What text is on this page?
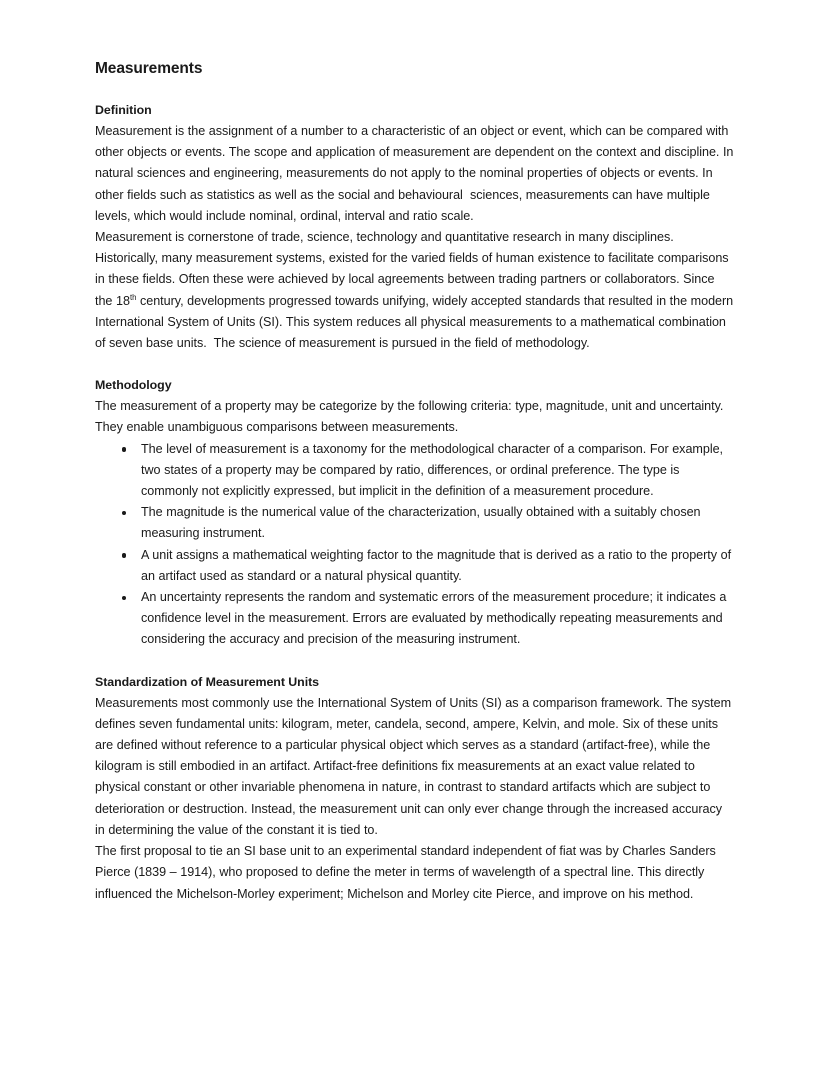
Measurements
Definition

Measurement is the assignment of a number to a characteristic of an object or event, which can be compared with other objects or events. The scope and application of measurement are dependent on the context and discipline. In natural sciences and engineering, measurements do not apply to the nominal properties of objects or events. In other fields such as statistics as well as the social and behavioural  sciences, measurements can have multiple levels, which would include nominal, ordinal, interval and ratio scale.

Measurement is cornerstone of trade, science, technology and quantitative research in many disciplines. Historically, many measurement systems, existed for the varied fields of human existence to facilitate comparisons in these fields. Often these were achieved by local agreements between trading partners or collaborators. Since the 18th century, developments progressed towards unifying, widely accepted standards that resulted in the modern International System of Units (SI). This system reduces all physical measurements to a mathematical combination of seven base units.  The science of measurement is pursued in the field of methodology.

Methodology

The measurement of a property may be categorize by the following criteria: type, magnitude, unit and uncertainty. They enable unambiguous comparisons between measurements.

The level of measurement is a taxonomy for the methodological character of a comparison. For example, two states of a property may be compared by ratio, differences, or ordinal preference. The type is commonly not explicitly expressed, but implicit in the definition of a measurement procedure.
The magnitude is the numerical value of the characterization, usually obtained with a suitably chosen measuring instrument.
A unit assigns a mathematical weighting factor to the magnitude that is derived as a ratio to the property of an artifact used as standard or a natural physical quantity.
An uncertainty represents the random and systematic errors of the measurement procedure; it indicates a confidence level in the measurement. Errors are evaluated by methodically repeating measurements and considering the accuracy and precision of the measuring instrument.
Standardization of Measurement Units

Measurements most commonly use the International System of Units (SI) as a comparison framework. The system defines seven fundamental units: kilogram, meter, candela, second, ampere, Kelvin, and mole. Six of these units are defined without reference to a particular physical object which serves as a standard (artifact-free), while the kilogram is still embodied in an artifact. Artifact-free definitions fix measurements at an exact value related to physical constant or other invariable phenomena in nature, in contrast to standard artifacts which are subject to deterioration or destruction. Instead, the measurement unit can only ever change through the increased accuracy in determining the value of the constant it is tied to.

The first proposal to tie an SI base unit to an experimental standard independent of fiat was by Charles Sanders Pierce (1839 – 1914), who proposed to define the meter in terms of wavelength of a spectral line. This directly influenced the Michelson-Morley experiment; Michelson and Morley cite Pierce, and improve on his method.
